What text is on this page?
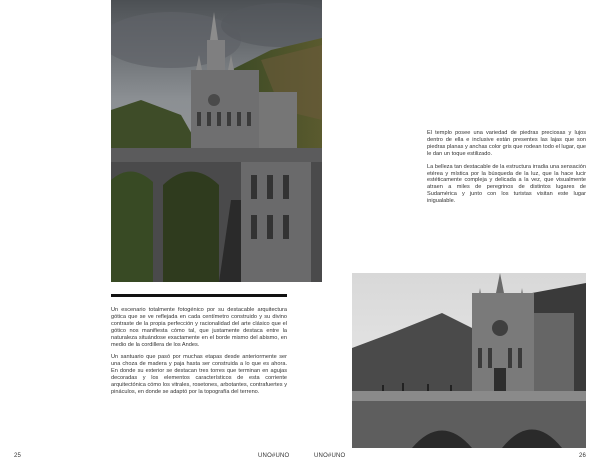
Un escenario totalmente fotogénico por su destacable arquitectura gótica que se ve reflejada en cada centímetro construido y su divino contraste de la propia perfección y racionalidad del arte clásico que el gótico nos manifiesta cómo tal, que justamente destaca entre la naturaleza situándose exactamente en el borde mismo del abismo, en medio de la cordillera de los Andes.

Un santuario que pasó por muchas etapas desde anteriormente ser una choza de madera y paja hasta ser construida a lo que es ahora. En donde su exterior se destacan tres torres que terminan en agujas decoradas y los elementos característicos de esta corriente arquitectónica cómo los vitrales, rosetones, arbotantes, contrafuertes y pináculos, en donde se adaptó por la topografía del terreno.

El templo posee una variedad de piedras preciosas y lujos dentro de ella e inclusive están presentes las lajas que son piedras planas y anchas color gris que rodean todo el lugar, que le dan un toque estilizado.

La belleza tan destacable de la estructura irradia una sensación etérea y mística por la búsqueda de la luz, que la hace lucir estéticamente compleja y delicada a la vez, que visualmente atraen a miles de peregrinos de distintos lugares de Sudamérica y junto con los turistas visitan este lugar inigualable.

25	UNO#UNO	UNO#UNO	26
